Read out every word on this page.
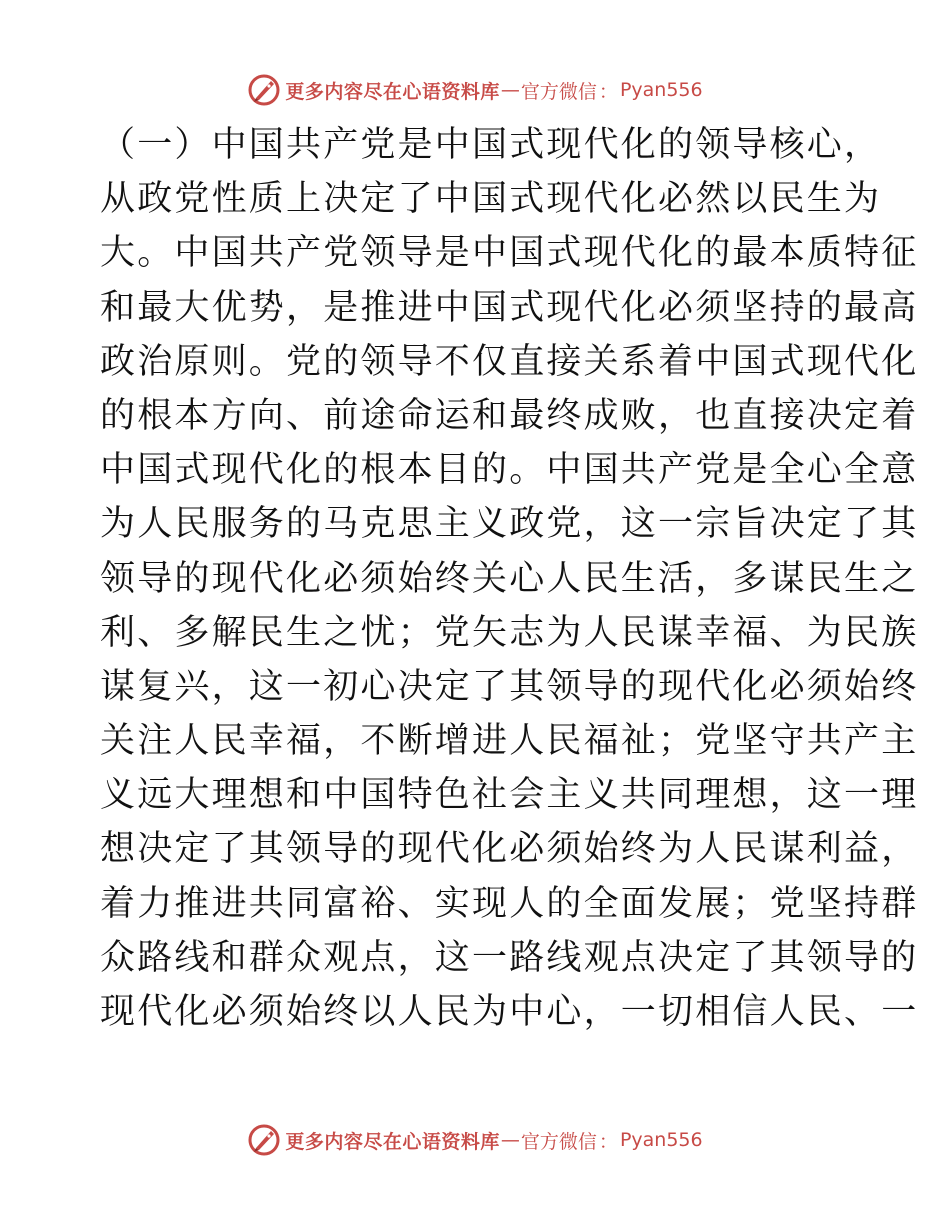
更多内容尽在心语资料库 — 官方微信 ： Pyan556
（一）中国共产党是中国式现代化的领导核心，
从政党性质上决定了中国式现代化必然以民生为
大。中国共产党领导是中国式现代化的最本质特征
和最大优势，是推进中国式现代化必须坚持的最高
政治原则。党的领导不仅直接关系着中国式现代化
的根本方向、前途命运和最终成败，也直接决定着
中国式现代化的根本目的。中国共产党是全心全意
为人民服务的马克思主义政党，这一宗旨决定了其
领导的现代化必须始终关心人民生活，多谋民生之
利、多解民生之忧；党矢志为人民谋幸福、为民族
谋复兴，这一初心决定了其领导的现代化必须始终
关注人民幸福，不断增进人民福祉；党坚守共产主
义远大理想和中国特色社会主义共同理想，这一理
想决定了其领导的现代化必须始终为人民谋利益，
着力推进共同富裕、实现人的全面发展；党坚持群
众路线和群众观点，这一路线观点决定了其领导的
现代化必须始终以人民为中心，一切相信人民、一
更多内容尽在心语资料库 — 官方微信 ： Pyan556
